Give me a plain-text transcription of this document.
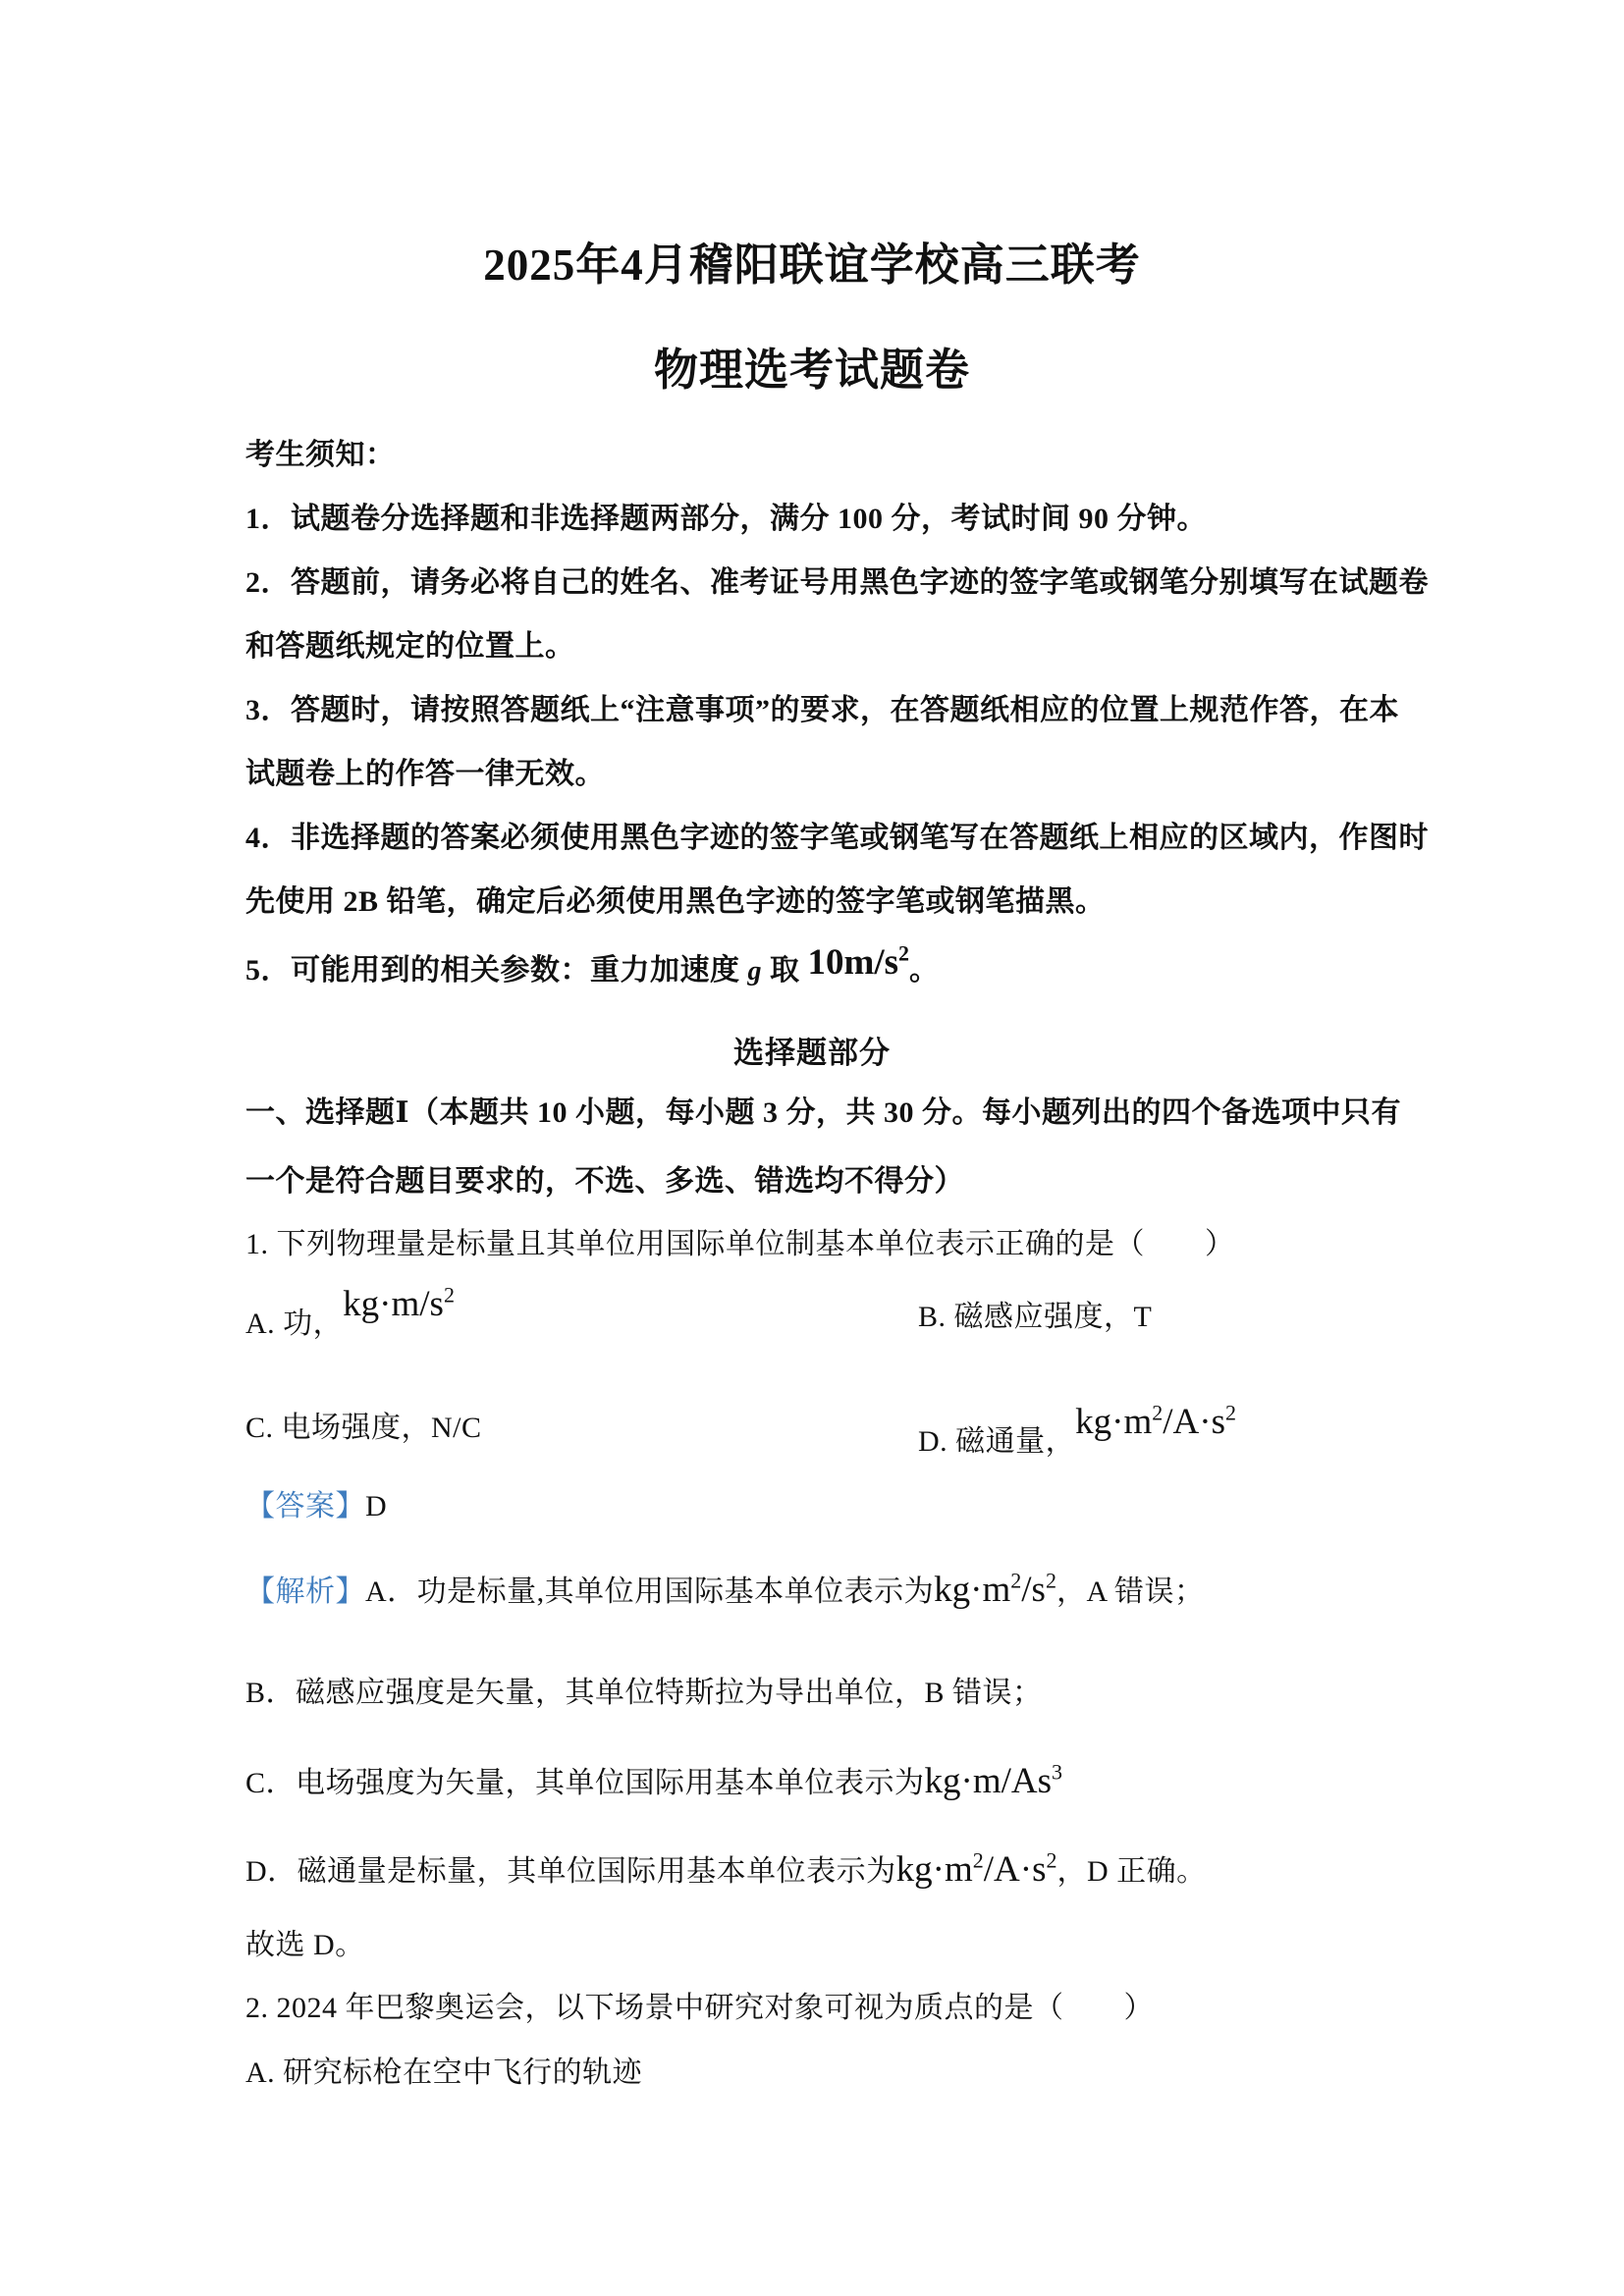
2025年4月稽阳联谊学校高三联考
物理选考试题卷
考生须知：
1．试题卷分选择题和非选择题两部分，满分 100 分，考试时间 90 分钟。
2．答题前，请务必将自己的姓名、准考证号用黑色字迹的签字笔或钢笔分别填写在试题卷
和答题纸规定的位置上。
3．答题时，请按照答题纸上“注意事项”的要求，在答题纸相应的位置上规范作答，在本
试题卷上的作答一律无效。
4．非选择题的答案必须使用黑色字迹的签字笔或钢笔写在答题纸上相应的区域内，作图时
先使用 2B 铅笔，确定后必须使用黑色字迹的签字笔或钢笔描黑。
5．可能用到的相关参数：重力加速度 g 取 $10m/s^2$。
选择题部分
一、选择题Ⅰ（本题共 10 小题，每小题 3 分，共 30 分。每小题列出的四个备选项中只有
一个是符合题目要求的，不选、多选、错选均不得分）
1. 下列物理量是标量且其单位用国际单位制基本单位表示正确的是（　　）
A. 功，$kg\cdot m/s^2$
B. 磁感应强度，T
C. 电场强度，N/C	D. 磁通量，$kg\cdot m^2/A\cdot s^2$
【答案】D
【解析】A．功是标量,其单位用国际基本单位表示为$kg\cdot m^2/s^2$，A 错误；
B．磁感应强度是矢量，其单位特斯拉为导出单位，B 错误；
C．电场强度为矢量，其单位国际用基本单位表示为$kg\cdot m/As^3$
D．磁通量是标量，其单位国际用基本单位表示为$kg\cdot m^2/A\cdot s^2$，D 正确。
故选 D。
2. 2024 年巴黎奥运会，以下场景中研究对象可视为质点的是（　　）
A. 研究标枪在空中飞行的轨迹
